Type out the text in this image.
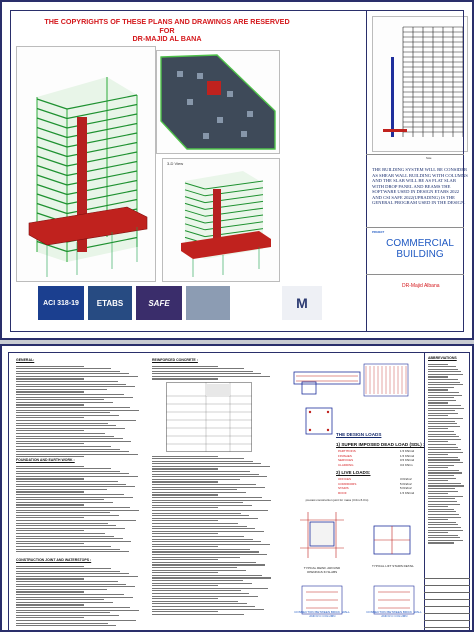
THE COPYRIGHTS OF THESE PLANS AND DRAWINGS ARE RESERVED
FOR
DR-MAJID AL BANA
3-D View
Note
THE BUILDING SYSTEM WILL BE CONSIDER AS SHEAR WALL BUILDING WITH COLUMNS AND THE SLAB WILL BE AS FLAT SLAB WITH DROP PANEL AND BEAMS THE SOFTWARE USED IN DESIGN ETABS 2022 AND CSI SAFE 2022(UPRADING) IS THE GENERAL PROGRAM USED IN THE DESIGN.
PROJECT
COMMERCIAL BUILDING
DR-Majid Albana
ACI 318-19	ETABS	SAFE	M
GENERAL:
FOUNDATION AND EARTH WORK :
CONSTRUCTION JOINT AND WATERSTOPS :
REINFORCED CONCRETE :
THE DESIGN LOADS
1) SUPER IMPOSED DEAD LOAD (SDL) :
PARTITIONS	1.5 KN/m2
FINISHES	1.5 KN/m2
SERVICES	0.5 KN/m2
CLADDING	3.0 KN/m
2) LIVE LOADS:
OFFICES	3 KN/m2
CORRIDORS	5 KN/m2
STAIRS	5 KN/m2
ROOF	1.5 KN/m2
precast construction joint for mass (3.0m-5.0m)
TYPICAL REINF. AROUND
OPENINGS IN SLABS
TYPICAL LIFT STAIRS DETAIL
CONNECTION BETWEEN BRICK  WALL
AND R.C COLUMN
CONNECTION BETWEEN BRICK  WALL
AND R.C COLUMN
ABBREVIATIONS
